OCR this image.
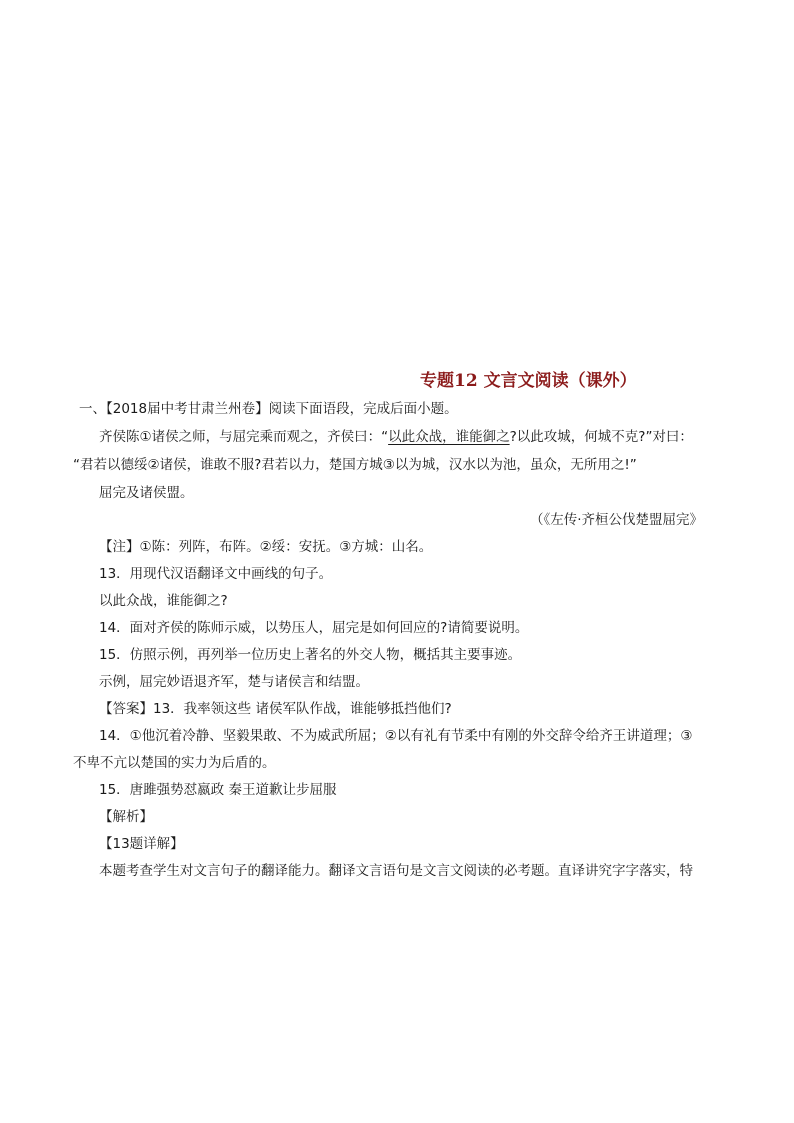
专题12 文言文阅读（课外）
一、【2018届中考甘肃兰州卷】阅读下面语段，完成后面小题。
齐侯陈①诸侯之师，与屈完乘而观之，齐侯曰：“以此众战，谁能御之?以此攻城，何城不克?”对曰：
“君若以德绥②诸侯，谁敢不服?君若以力，楚国方城③以为城，汉水以为池，虽众，无所用之!”
屈完及诸侯盟。
（《左传·齐桓公伐楚盟屈完》
【注】①陈：列阵，布阵。②绥：安抚。③方城：山名。
13．用现代汉语翻译文中画线的句子。
以此众战，谁能御之?
14．面对齐侯的陈师示威，以势压人，屈完是如何回应的?请简要说明。
15．仿照示例，再列举一位历史上著名的外交人物，概括其主要事迹。
示例，屈完妙语退齐军，楚与诸侯言和结盟。
【答案】13．我率领这些 诸侯军队作战，谁能够抵挡他们?
14．①他沉着冷静、坚毅果敢、不为威武所屈；②以有礼有节柔中有刚的外交辞令给齐王讲道理；③
不卑不亢以楚国的实力为后盾的。
15．唐雎强势怼嬴政 秦王道歉让步屈服
【解析】
【13题详解】
本题考查学生对文言句子的翻译能力。翻译文言语句是文言文阅读的必考题。直译讲究字字落实，特
